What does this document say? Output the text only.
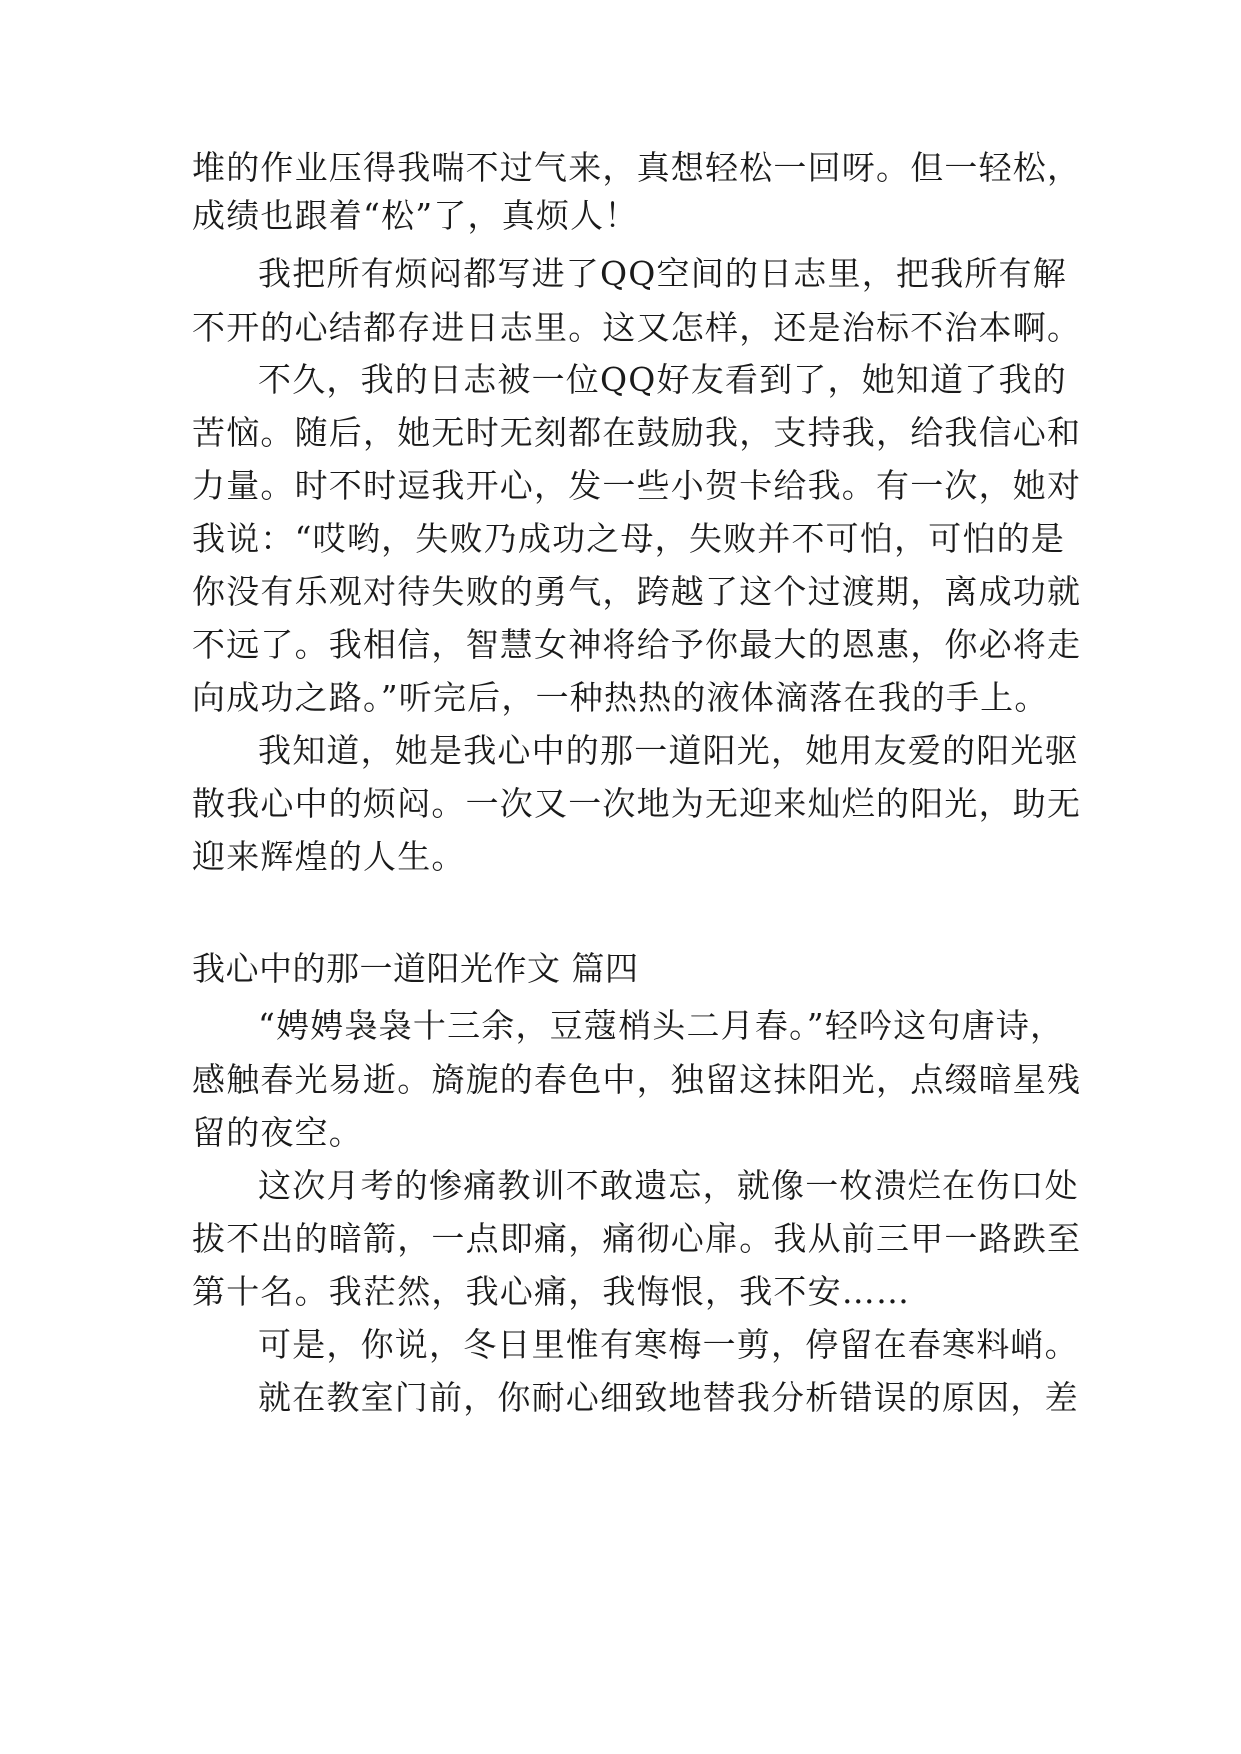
堆的作业压得我喘不过气来，真想轻松一回呀。但一轻松，
成绩也跟着“松”了，真烦人！
我把所有烦闷都写进了QQ空间的日志里，把我所有解
不开的心结都存进日志里。这又怎样，还是治标不治本啊。
不久，我的日志被一位QQ好友看到了，她知道了我的
苦恼。随后，她无时无刻都在鼓励我，支持我，给我信心和
力量。时不时逗我开心，发一些小贺卡给我。有一次，她对
我说：“哎哟，失败乃成功之母，失败并不可怕，可怕的是
你没有乐观对待失败的勇气，跨越了这个过渡期，离成功就
不远了。我相信，智慧女神将给予你最大的恩惠，你必将走
向成功之路。”听完后，一种热热的液体滴落在我的手上。
我知道，她是我心中的那一道阳光，她用友爱的阳光驱
散我心中的烦闷。一次又一次地为无迎来灿烂的阳光，助无
迎来辉煌的人生。
我心中的那一道阳光作文 篇四
“娉娉袅袅十三余，豆蔻梢头二月春。”轻吟这句唐诗，
感触春光易逝。旖旎的春色中，独留这抹阳光，点缀暗星残
留的夜空。
这次月考的惨痛教训不敢遗忘，就像一枚溃烂在伤口处
拔不出的暗箭，一点即痛，痛彻心扉。我从前三甲一路跌至
第十名。我茫然，我心痛，我悔恨，我不安……
可是，你说，冬日里惟有寒梅一剪，停留在春寒料峭。
就在教室门前，你耐心细致地替我分析错误的原因，差
